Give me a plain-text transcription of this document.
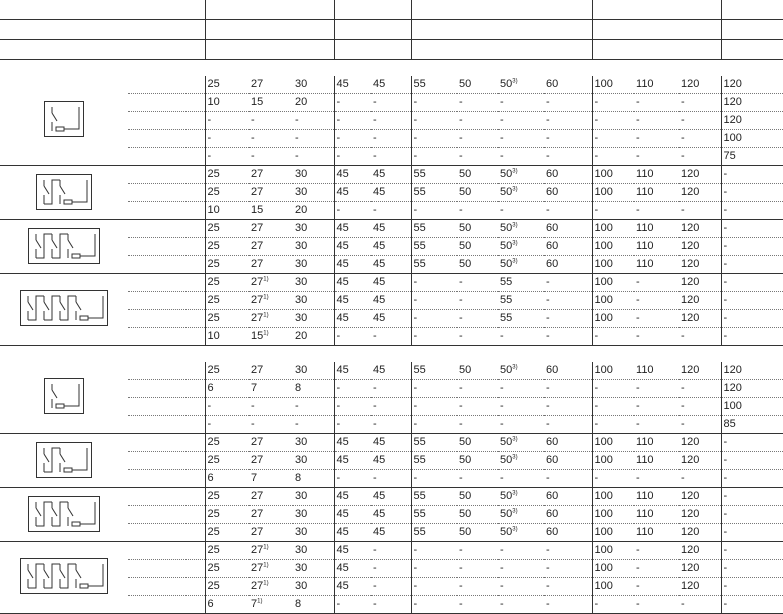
			25	27	30	45	45	55	50	50$^{3)}$	60	100	110	120	120
			10	15	20	-	-	-	-	-	-	-	-	-	120
			-	-	-	-	-	-	-	-	-	-	-	-	120
			-	-	-	-	-	-	-	-	-	-	-	-	100
			-	-	-	-	-	-	-	-	-	-	-	-	75

			25	27	30	45	45	55	50	50$^{3)}$	60	100	110	120	-
			25	27	30	45	45	55	50	50$^{3)}$	60	100	110	120	-
			10	15	20	-	-	-	-	-	-	-	-	-	-

			25	27	30	45	45	55	50	50$^{3)}$	60	100	110	120	-
			25	27	30	45	45	55	50	50$^{3)}$	60	100	110	120	-
			25	27	30	45	45	55	50	50$^{3)}$	60	100	110	120	-

			25	27$^{1)}$	30	45	45	-	-	55	-	100	-	120	-
			25	27$^{1)}$	30	45	45	-	-	55	-	100	-	120	-
			25	27$^{1)}$	30	45	45	-	-	55	-	100	-	120	-
			10	15$^{1)}$	20	-	-	-	-	-	-	-	-	-	-

			25	27	30	45	45	55	50	50$^{3)}$	60	100	110	120	120
			6	7	8	-	-	-	-	-	-	-	-	-	120
			-	-	-	-	-	-	-	-	-	-	-	-	100
			-	-	-	-	-	-	-	-	-	-	-	-	85

			25	27	30	45	45	55	50	50$^{3)}$	60	100	110	120	-
			25	27	30	45	45	55	50	50$^{3)}$	60	100	110	120	-
			6	7	8	-	-	-	-	-	-	-	-	-	-

			25	27	30	45	45	55	50	50$^{3)}$	60	100	110	120	-
			25	27	30	45	45	55	50	50$^{3)}$	60	100	110	120	-
			25	27	30	45	45	55	50	50$^{3)}$	60	100	110	120	-

			25	27$^{1)}$	30	45	-	-	-	-	-	100	-	120	-
			25	27$^{1)}$	30	45	-	-	-	-	-	100	-	120	-
			25	27$^{1)}$	30	45	-	-	-	-	-	100	-	120	-
			6	7$^{1)}$	8	-	-	-	-	-	-	-	-	-	-
